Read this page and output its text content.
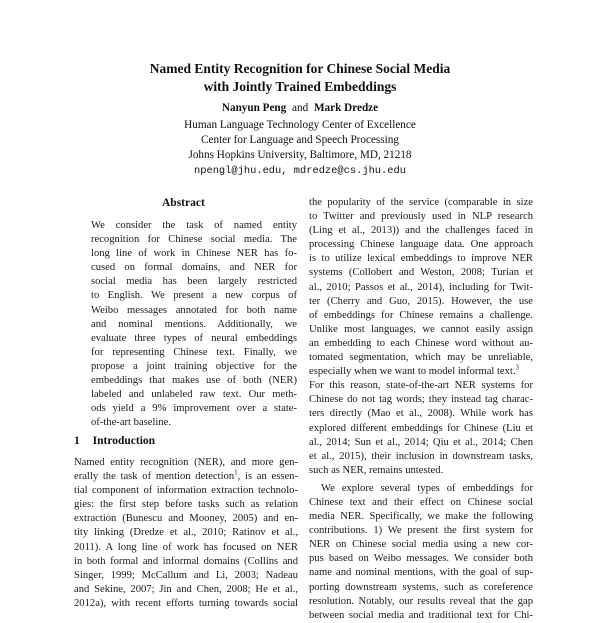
Named Entity Recognition for Chinese Social Media
with Jointly Trained Embeddings
Nanyun Peng and Mark Dredze
Human Language Technology Center of Excellence
Center for Language and Speech Processing
Johns Hopkins University, Baltimore, MD, 21218
npengl@jhu.edu, mdredze@cs.jhu.edu
Abstract
We consider the task of named entity
recognition for Chinese social media. The
long line of work in Chinese NER has fo-
cused on formal domains, and NER for
social media has been largely restricted
to English. We present a new corpus of
Weibo messages annotated for both name
and nominal mentions. Additionally, we
evaluate three types of neural embeddings
for representing Chinese text. Finally, we
propose a joint training objective for the
embeddings that makes use of both (NER)
labeled and unlabeled raw text. Our meth-
ods yield a 9% improvement over a state-
of-the-art baseline.
1 Introduction
Named entity recognition (NER), and more gen-
erally the task of mention detection$^1$, is an essen-
tial component of information extraction technolo-
gies: the first step before tasks such as relation
extraction (Bunescu and Mooney, 2005) and en-
tity linking (Dredze et al., 2010; Ratinov et al.,
2011). A long line of work has focused on NER
in both formal and informal domains (Collins and
Singer, 1999; McCallum and Li, 2003; Nadeau
and Sekine, 2007; Jin and Chen, 2008; He et al.,
2012a), with recent efforts turning towards social
the popularity of the service (comparable in size
to Twitter and previously used in NLP research
(Ling et al., 2013)) and the challenges faced in
processing Chinese language data. One approach
is to utilize lexical embeddings to improve NER
systems (Collobert and Weston, 2008; Turian et
al., 2010; Passos et al., 2014), including for Twit-
ter (Cherry and Guo, 2015). However, the use
of embeddings for Chinese remains a challenge.
Unlike most languages, we cannot easily assign
an embedding to each Chinese word without au-
tomated segmentation, which may be unreliable,
especially when we want to model informal text.$^3$
For this reason, state-of-the-art NER systems for
Chinese do not tag words; they instead tag charac-
ters directly (Mao et al., 2008). While work has
explored different embeddings for Chinese (Liu et
al., 2014; Sun et al., 2014; Qiu et al., 2014; Chen
et al., 2015), their inclusion in downstream tasks,
such as NER, remains untested.
We explore several types of embeddings for
Chinese text and their effect on Chinese social
media NER. Specifically, we make the following
contributions. 1) We present the first system for
NER on Chinese social media using a new cor-
pus based on Weibo messages. We consider both
name and nominal mentions, with the goal of sup-
porting downstream systems, such as coreference
resolution. Notably, our results reveal that the gap
between social media and traditional text for Chi-
